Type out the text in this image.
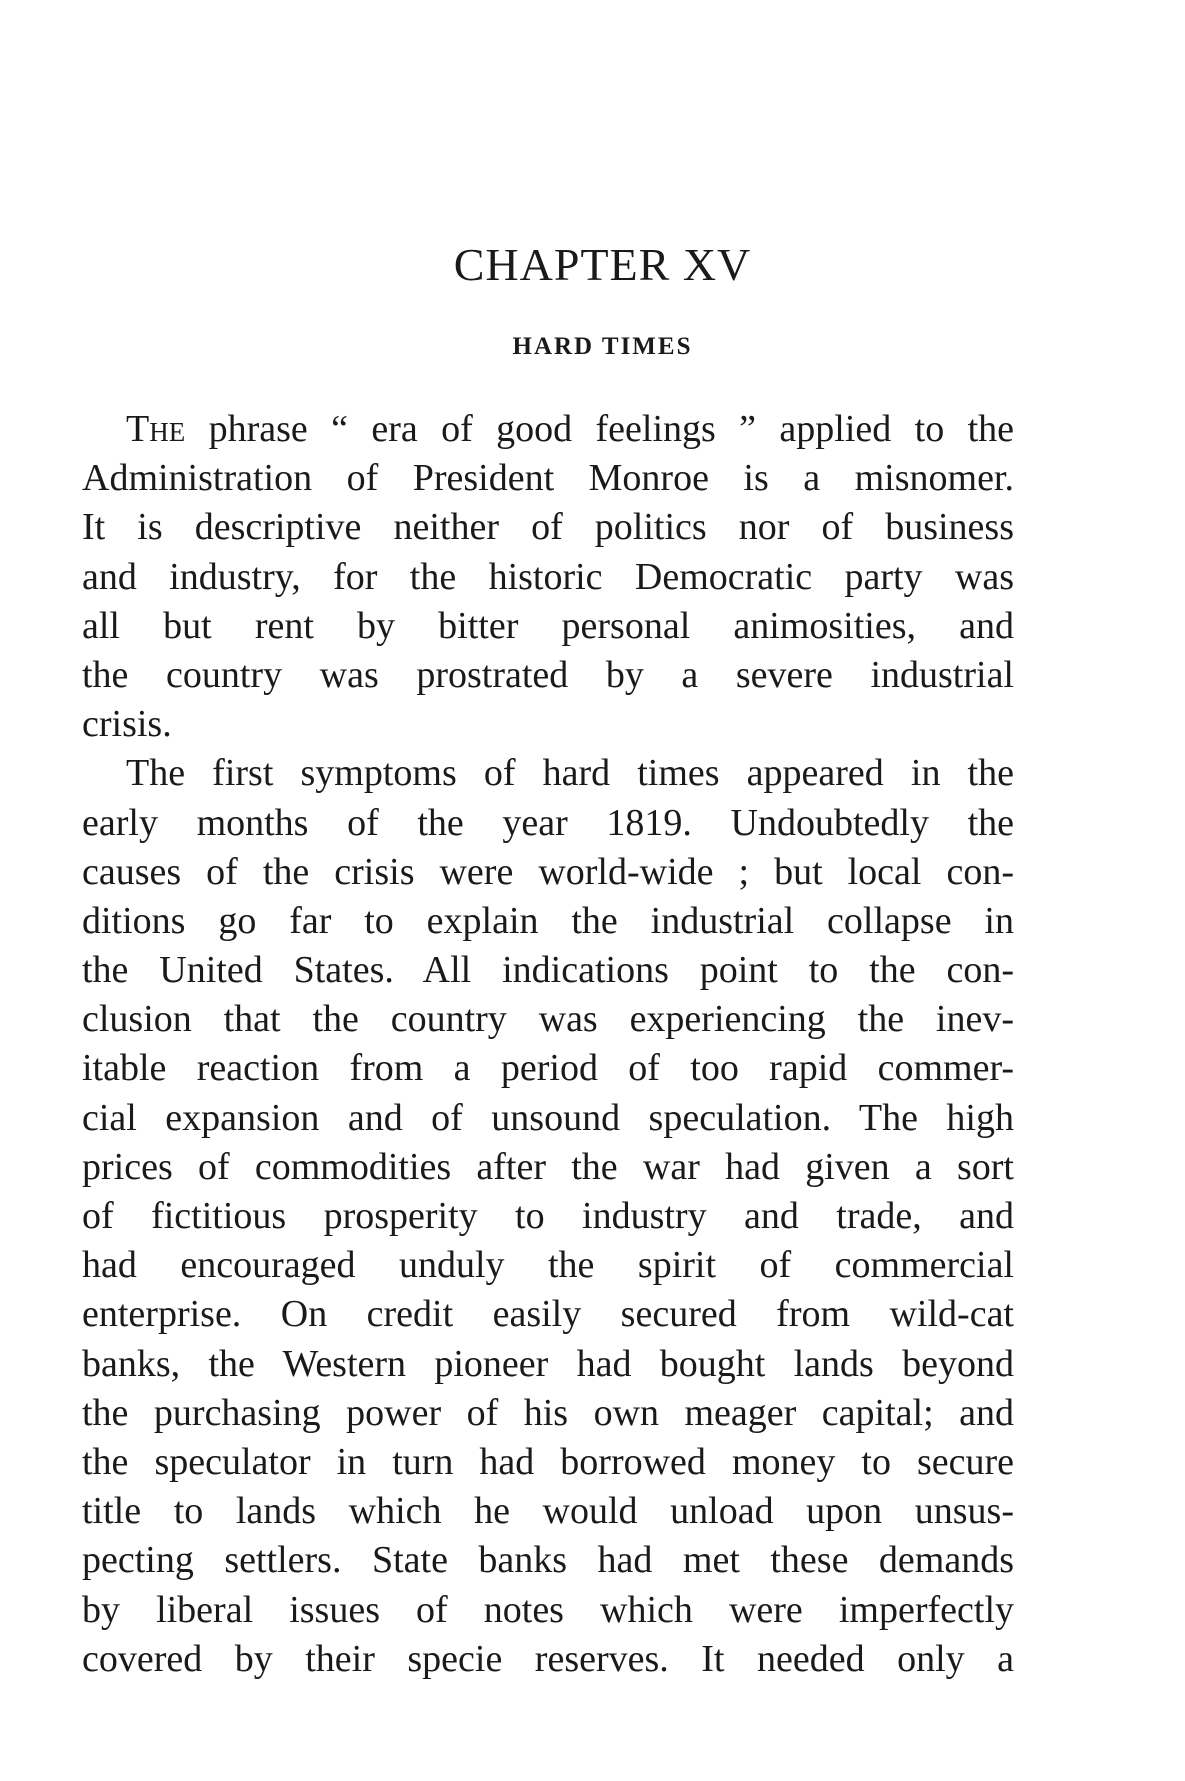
CHAPTER XV
HARD TIMES
The phrase “ era of good feelings ” applied to the
Administration of President Monroe is a misnomer.
It is descriptive neither of politics nor of business
and industry, for the historic Democratic party was
all but rent by bitter personal animosities, and
the country was prostrated by a severe industrial
crisis.
The first symptoms of hard times appeared in the
early months of the year 1819. Undoubtedly the
causes of the crisis were world-wide ; but local con-
ditions go far to explain the industrial collapse in
the United States. All indications point to the con-
clusion that the country was experiencing the inev-
itable reaction from a period of too rapid commer-
cial expansion and of unsound speculation. The high
prices of commodities after the war had given a sort
of fictitious prosperity to industry and trade, and
had encouraged unduly the spirit of commercial
enterprise. On credit easily secured from wild-cat
banks, the Western pioneer had bought lands beyond
the purchasing power of his own meager capital; and
the speculator in turn had borrowed money to secure
title to lands which he would unload upon unsus-
pecting settlers. State banks had met these demands
by liberal issues of notes which were imperfectly
covered by their specie reserves. It needed only a
